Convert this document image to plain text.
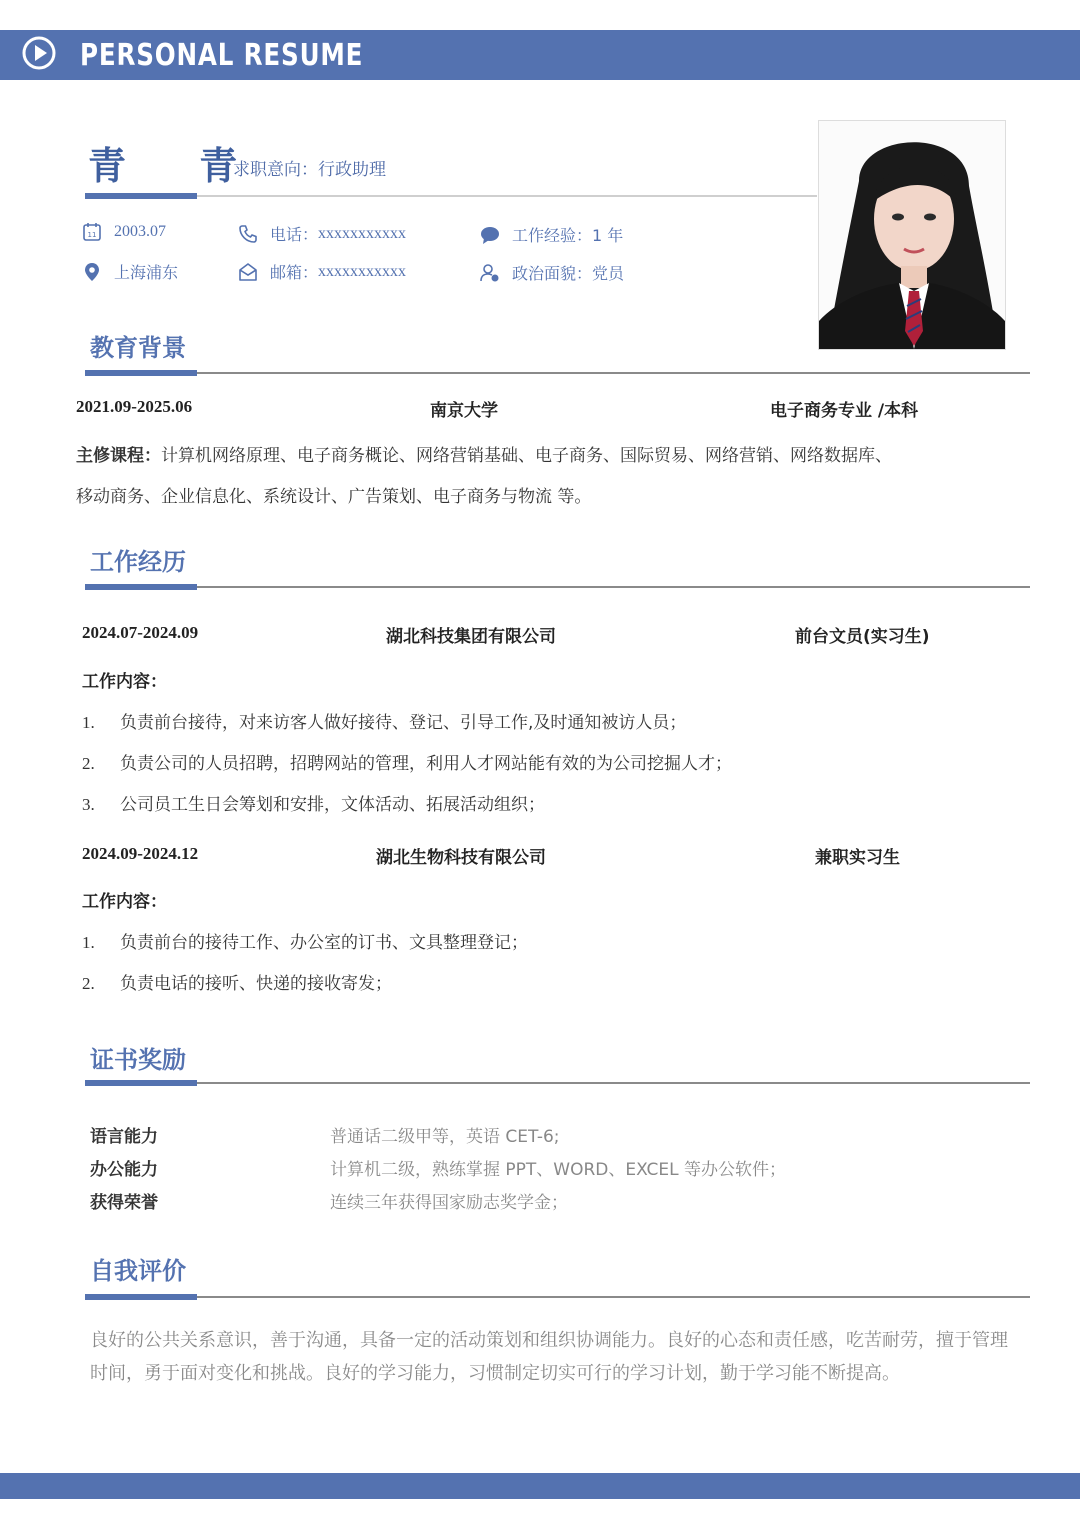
PERSONAL RESUME
青 青
求职意向：行政助理
11 2003.07
上海浦东
电话： xxxxxxxxxxx
邮箱： xxxxxxxxxxx
工作经验：1 年
政治面貌：党员
教育背景
2021.09-2025.06	南京大学	电子商务专业 /本科
主修课程：计算机网络原理、电子商务概论、网络营销基础、电子商务、国际贸易、网络营销、网络数据库、
移动商务、企业信息化、系统设计、广告策划、电子商务与物流 等。
工作经历
2024.07-2024.09	湖北科技集团有限公司	前台文员(实习生)
工作内容：
1. 负责前台接待，对来访客人做好接待、登记、引导工作,及时通知被访人员；
2. 负责公司的人员招聘，招聘网站的管理，利用人才网站能有效的为公司挖掘人才；
3. 公司员工生日会筹划和安排，文体活动、拓展活动组织；
2024.09-2024.12	湖北生物科技有限公司	兼职实习生
工作内容：
1. 负责前台的接待工作、办公室的订书、文具整理登记；
2. 负责电话的接听、快递的接收寄发；
证书奖励
语言能力	普通话二级甲等，英语 CET-6;
办公能力	计算机二级，熟练掌握 PPT、WORD、EXCEL 等办公软件；
获得荣誉	连续三年获得国家励志奖学金；
自我评价
良好的公共关系意识，善于沟通，具备一定的活动策划和组织协调能力。良好的心态和责任感，吃苦耐劳，擅于管理时间，勇于面对变化和挑战。良好的学习能力，习惯制定切实可行的学习计划，勤于学习能不断提高。
